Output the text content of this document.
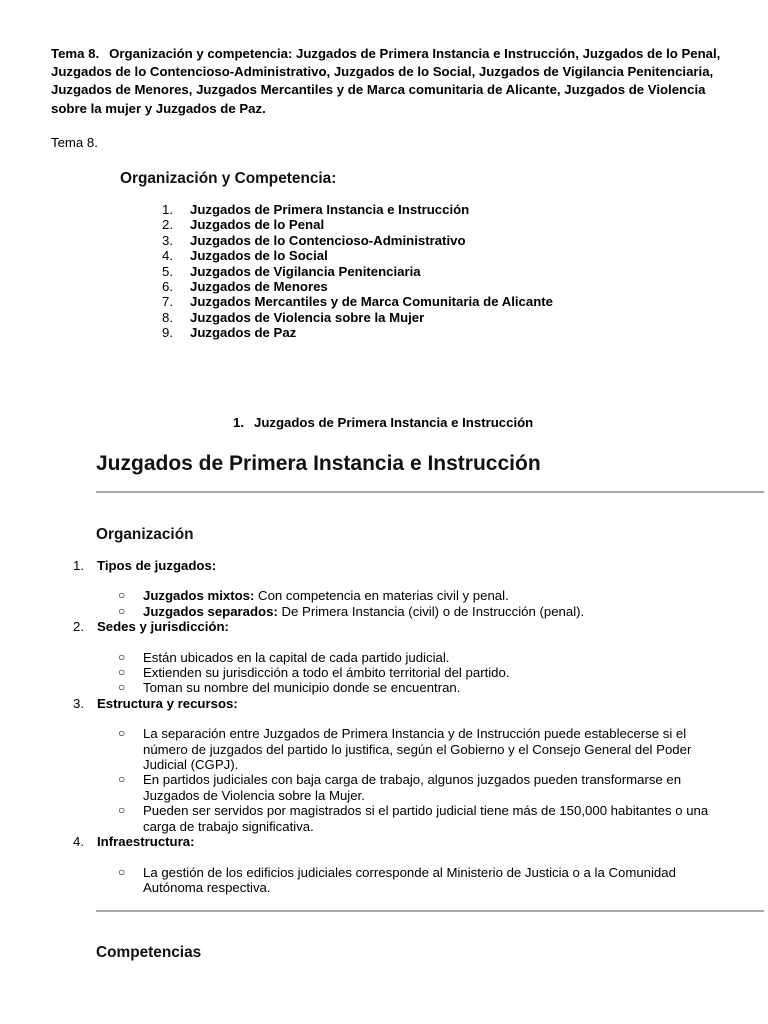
Tema 8. Organización y competencia: Juzgados de Primera Instancia e Instrucción, Juzgados de lo Penal, Juzgados de lo Contencioso-Administrativo, Juzgados de lo Social, Juzgados de Vigilancia Penitenciaria, Juzgados de Menores, Juzgados Mercantiles y de Marca comunitaria de Alicante, Juzgados de Violencia sobre la mujer y Juzgados de Paz.

Tema 8.

Organización y Competencia:

1. Juzgados de Primera Instancia e Instrucción
2. Juzgados de lo Penal
3. Juzgados de lo Contencioso-Administrativo
4. Juzgados de lo Social
5. Juzgados de Vigilancia Penitenciaria
6. Juzgados de Menores
7. Juzgados Mercantiles y de Marca Comunitaria de Alicante
8. Juzgados de Violencia sobre la Mujer
9. Juzgados de Paz

1. Juzgados de Primera Instancia e Instrucción

Juzgados de Primera Instancia e Instrucción
Organización
1. Tipos de juzgados:
○ Juzgados mixtos: Con competencia en materias civil y penal.
○ Juzgados separados: De Primera Instancia (civil) o de Instrucción (penal).
2. Sedes y jurisdicción:
○ Están ubicados en la capital de cada partido judicial.
○ Extienden su jurisdicción a todo el ámbito territorial del partido.
○ Toman su nombre del municipio donde se encuentran.
3. Estructura y recursos:
○ La separación entre Juzgados de Primera Instancia y de Instrucción puede establecerse si el número de juzgados del partido lo justifica, según el Gobierno y el Consejo General del Poder Judicial (CGPJ).
○ En partidos judiciales con baja carga de trabajo, algunos juzgados pueden transformarse en Juzgados de Violencia sobre la Mujer.
○ Pueden ser servidos por magistrados si el partido judicial tiene más de 150,000 habitantes o una carga de trabajo significativa.
4. Infraestructura:
○ La gestión de los edificios judiciales corresponde al Ministerio de Justicia o a la Comunidad Autónoma respectiva.
Competencias
